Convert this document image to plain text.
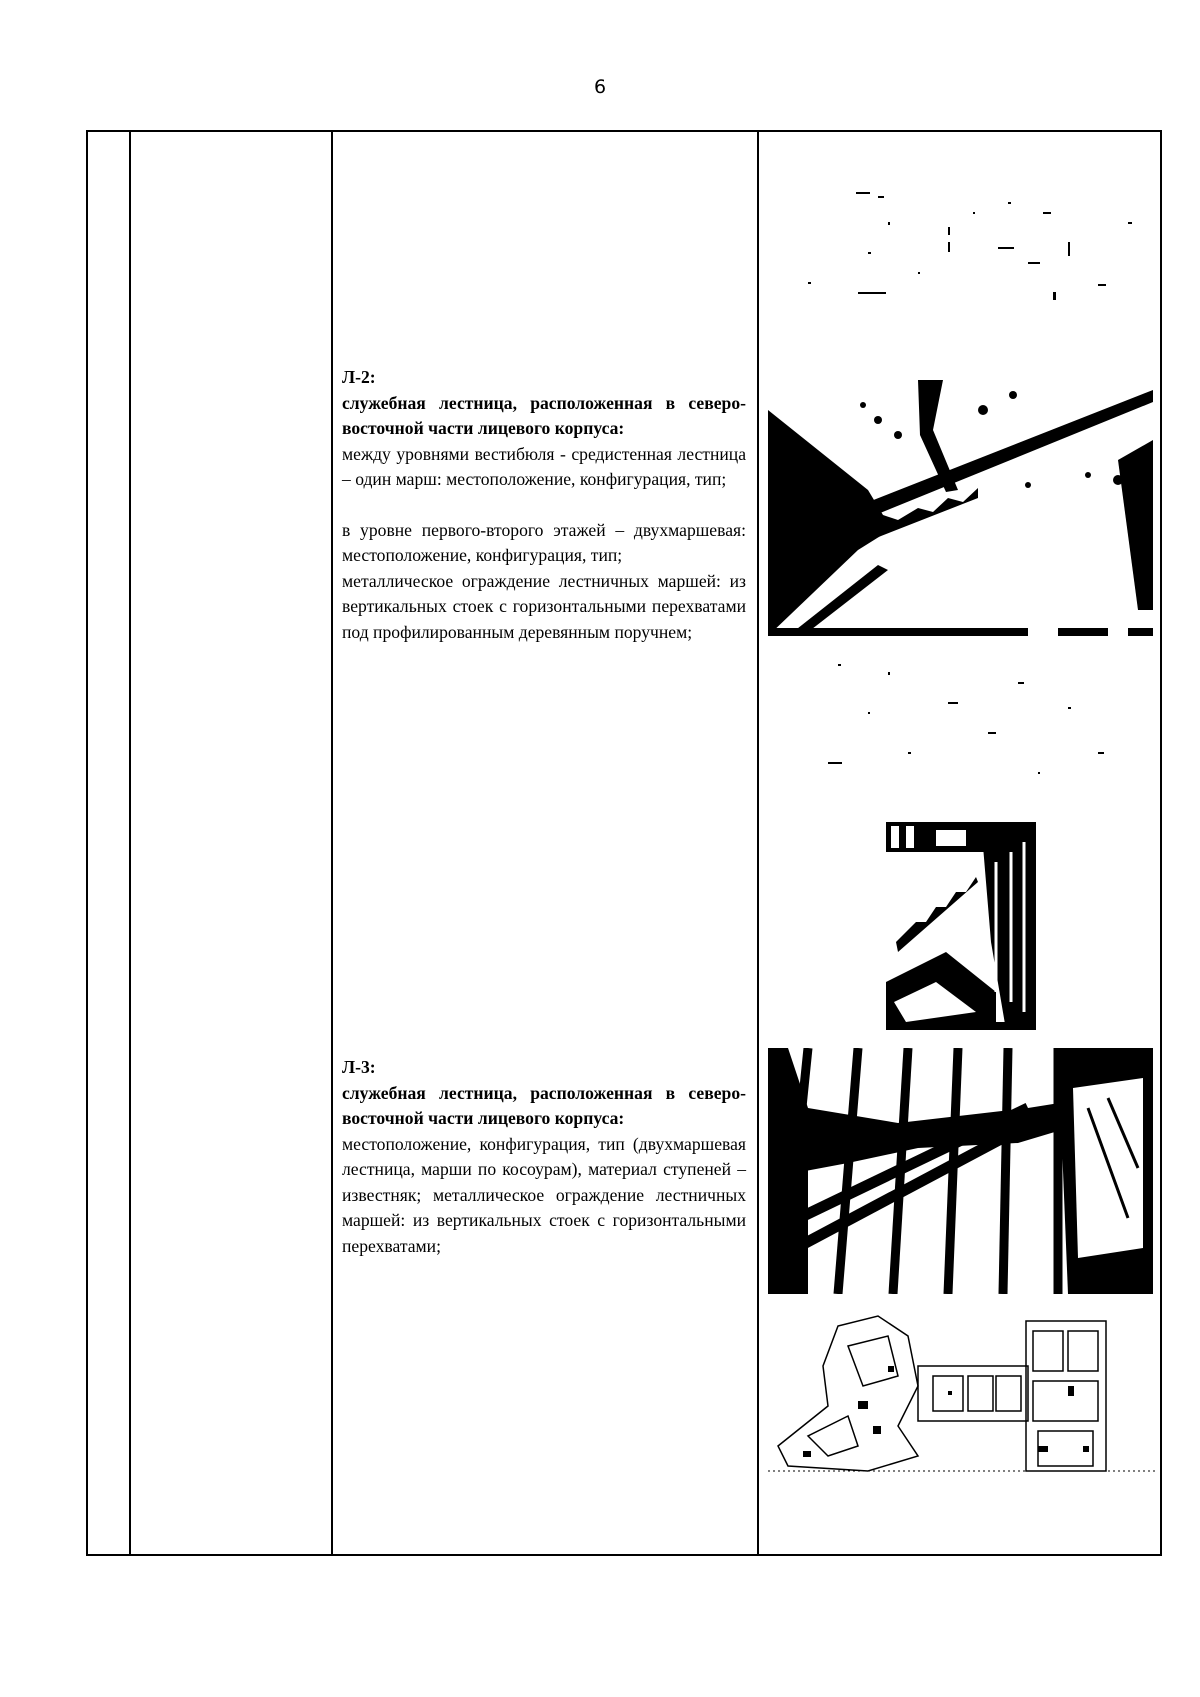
6

Л-2:

служебная лестница, расположенная в северо-восточной части лицевого корпуса:

между уровнями вестибюля - средистенная лестница – один марш: местоположение, конфигурация, тип;

в уровне первого-второго этажей – двухмаршевая: местоположение, конфигурация, тип;

металлическое ограждение лестничных маршей: из вертикальных стоек с горизонтальными перехватами под профилированным деревянным поручнем;

Л-3:

служебная лестница, расположенная в северо-восточной части лицевого корпуса:

местоположение, конфигурация, тип (двухмаршевая лестница, марши по косоурам), материал ступеней – известняк; металлическое ограждение лестничных маршей: из вертикальных стоек с горизонтальными перехватами;
